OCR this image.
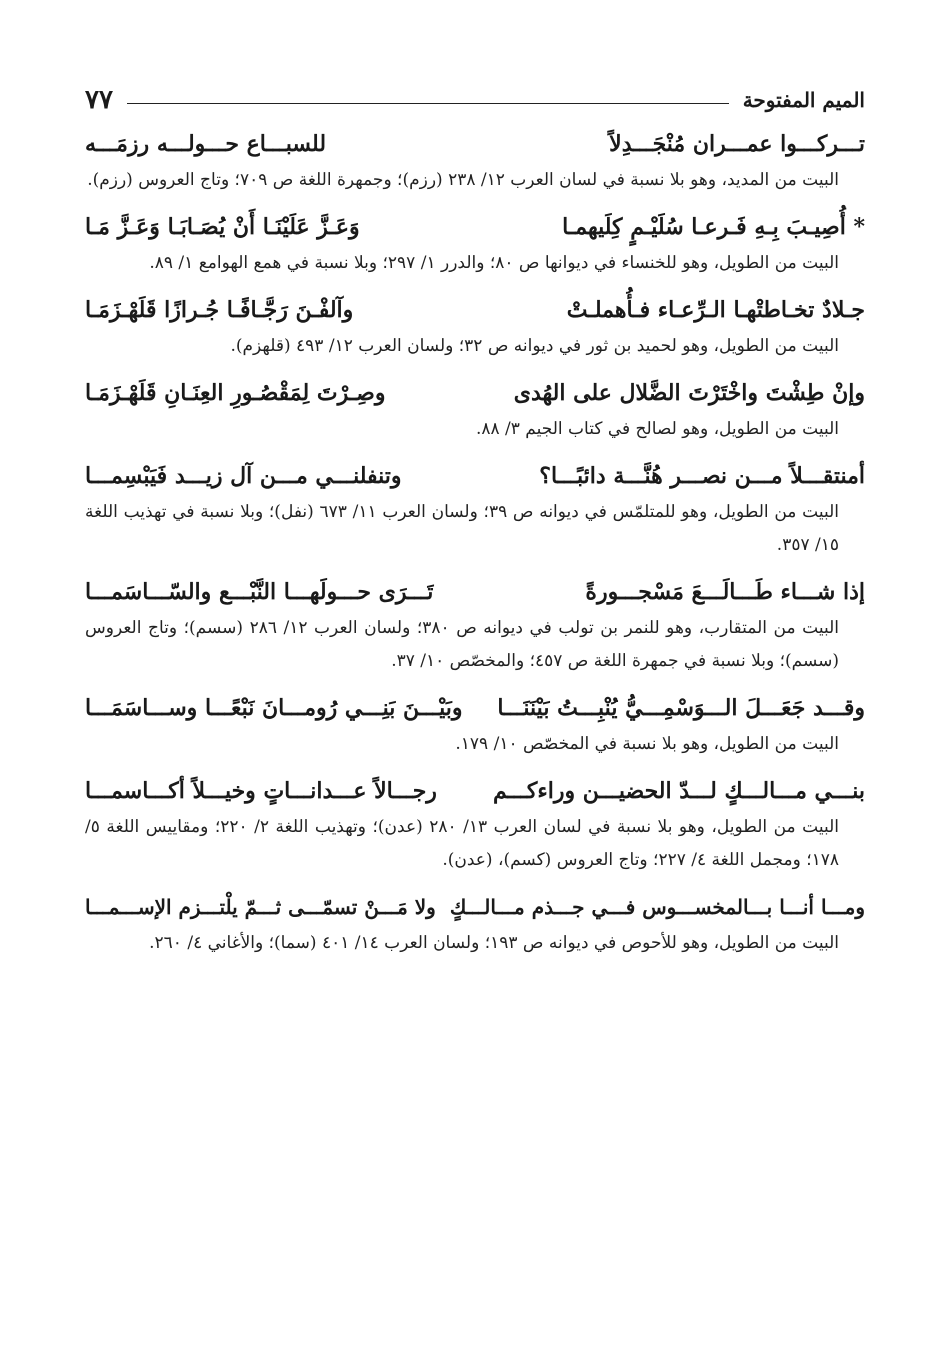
الميم المفتوحة
٧٧
تـــركـــوا عمـــران مُنْجَـــدِلاً
للسبـــاع حـــولـــه رزمَـــه
البيت من المديد، وهو بلا نسبة في لسان العرب ١٢/ ٢٣٨ (رزم)؛ وجمهرة اللغة ص ٧٠٩؛ وتاج العروس (رزم).
* أُصِيـبَ بِـهِ فَـرعـا سُلَيْـمٍ كِلَيهمـا
وَعَـزَّ عَلَيْنَـا أَنْ يُصَـابَـا وَعَـزَّ مَـا
البيت من الطويل، وهو للخنساء في ديوانها ص ٨٠؛ والدرر ١/ ٢٩٧؛ وبلا نسبة في همع الهوامع ١/ ٨٩.
جـلادٌ تخـاطتْهـا الـرِّعـاء فـأُهملـتْ
وآلفْـنَ رَجَّـافًـا جُـرازًا قَلَهْـزَمَـا
البيت من الطويل، وهو لحميد بن ثور في ديوانه ص ٣٢؛ ولسان العرب ١٢/ ٤٩٣ (قلهزم).
وإنْ طِشْتَ واخْتَرْتَ الضَّلال على الهُدى
وصِـرْتَ لِمَقْصُـورِ العِنَـانِ قَلَهْـزَمَـا
البيت من الطويل، وهو لصالح في كتاب الجيم ٣/ ٨٨.
أمنتقـــلاً مـــن نصـــر هُنَّـــة دائبًـــا؟
وتنفلنـــي مـــن آل زيـــد فَيَبْسِمـــا
البيت من الطويل، وهو للمتلمّس في ديوانه ص ٣٩؛ ولسان العرب ١١/ ٦٧٣ (نفل)؛ وبلا نسبة في تهذيب اللغة ١٥/ ٣٥٧.
إذا شـــاء طَـــالَـــعَ مَسْجـــورةً
تَـــرَى حـــولَهـــا النَّبْـــع والسّـــاسَمـــا
البيت من المتقارب، وهو للنمر بن تولب في ديوانه ص ٣٨٠؛ ولسان العرب ١٢/ ٢٨٦ (سسم)؛ وتاج العروس (سسم)؛ وبلا نسبة في جمهرة اللغة ص ٤٥٧؛ والمخصّص ١٠/ ٣٧.
وقـــد جَعَـــلَ الـــوَسْمِـــيُّ يُنْبِـــتُ بَيْنَنَـــا
وبَيْـــنَ بَنِـــي رُومـــانَ نَبْعًـــا وســـاسَمَـــا
البيت من الطويل، وهو بلا نسبة في المخصّص ١٠/ ١٧٩.
بنـــي مـــالـــكٍ لـــدّ الحضيـــن وراءكـــم
رجـــالاً عـــدانـــاتٍ وخيـــلاً أكـــاسمـــا
البيت من الطويل، وهو بلا نسبة في لسان العرب ١٣/ ٢٨٠ (عدن)؛ وتهذيب اللغة ٢/ ٢٢٠؛ ومقاييس اللغة ٥/ ١٧٨؛ ومجمل اللغة ٤/ ٢٢٧؛ وتاج العروس (كسم)، (عدن).
ومـــا أنـــا بـــالمخســـوس فـــي جـــذم مـــالـــكٍ
ولا مَـــنْ تسمّـــى ثـــمّ يلْتـــزم الإســـمـــا
البيت من الطويل، وهو للأحوص في ديوانه ص ١٩٣؛ ولسان العرب ١٤/ ٤٠١ (سما)؛ والأغاني ٤/ ٢٦٠.
